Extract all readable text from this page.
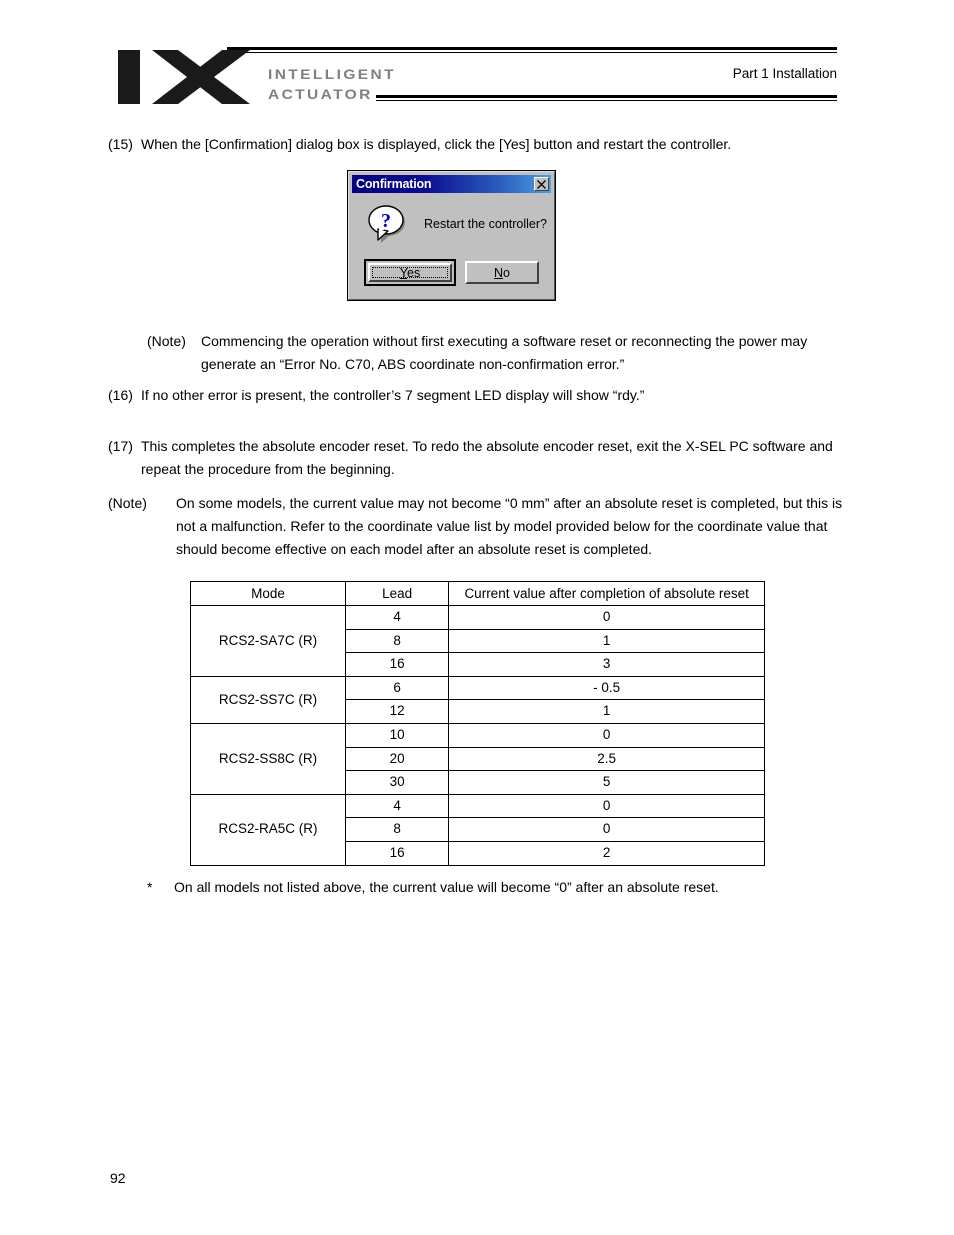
INTELLIGENT
ACTUATOR
Part 1 Installation
(15) When the [Confirmation] dialog box is displayed, click the [Yes] button and restart the controller.
Confirmation
?	Restart the controller?
Yes	No
(Note)	Commencing the operation without first executing a software reset or reconnecting the power may generate an “Error No. C70, ABS coordinate non-confirmation error.”
(16) If no other error is present, the controller’s 7 segment LED display will show “rdy.”
(17) This completes the absolute encoder reset. To redo the absolute encoder reset, exit the X-SEL PC software and repeat the procedure from the beginning.
(Note)	On some models, the current value may not become “0 mm” after an absolute reset is completed, but this is not a malfunction. Refer to the coordinate value list by model provided below for the coordinate value that should become effective on each model after an absolute reset is completed.
Mode	Lead	Current value after completion of absolute reset
RCS2-SA7C (R)	4	0
	8	1
	16	3
RCS2-SS7C (R)	6	- 0.5
	12	1
RCS2-SS8C (R)	10	0
	20	2.5
	30	5
RCS2-RA5C (R)	4	0
	8	0
	16	2
*	On all models not listed above, the current value will become “0” after an absolute reset.
92
